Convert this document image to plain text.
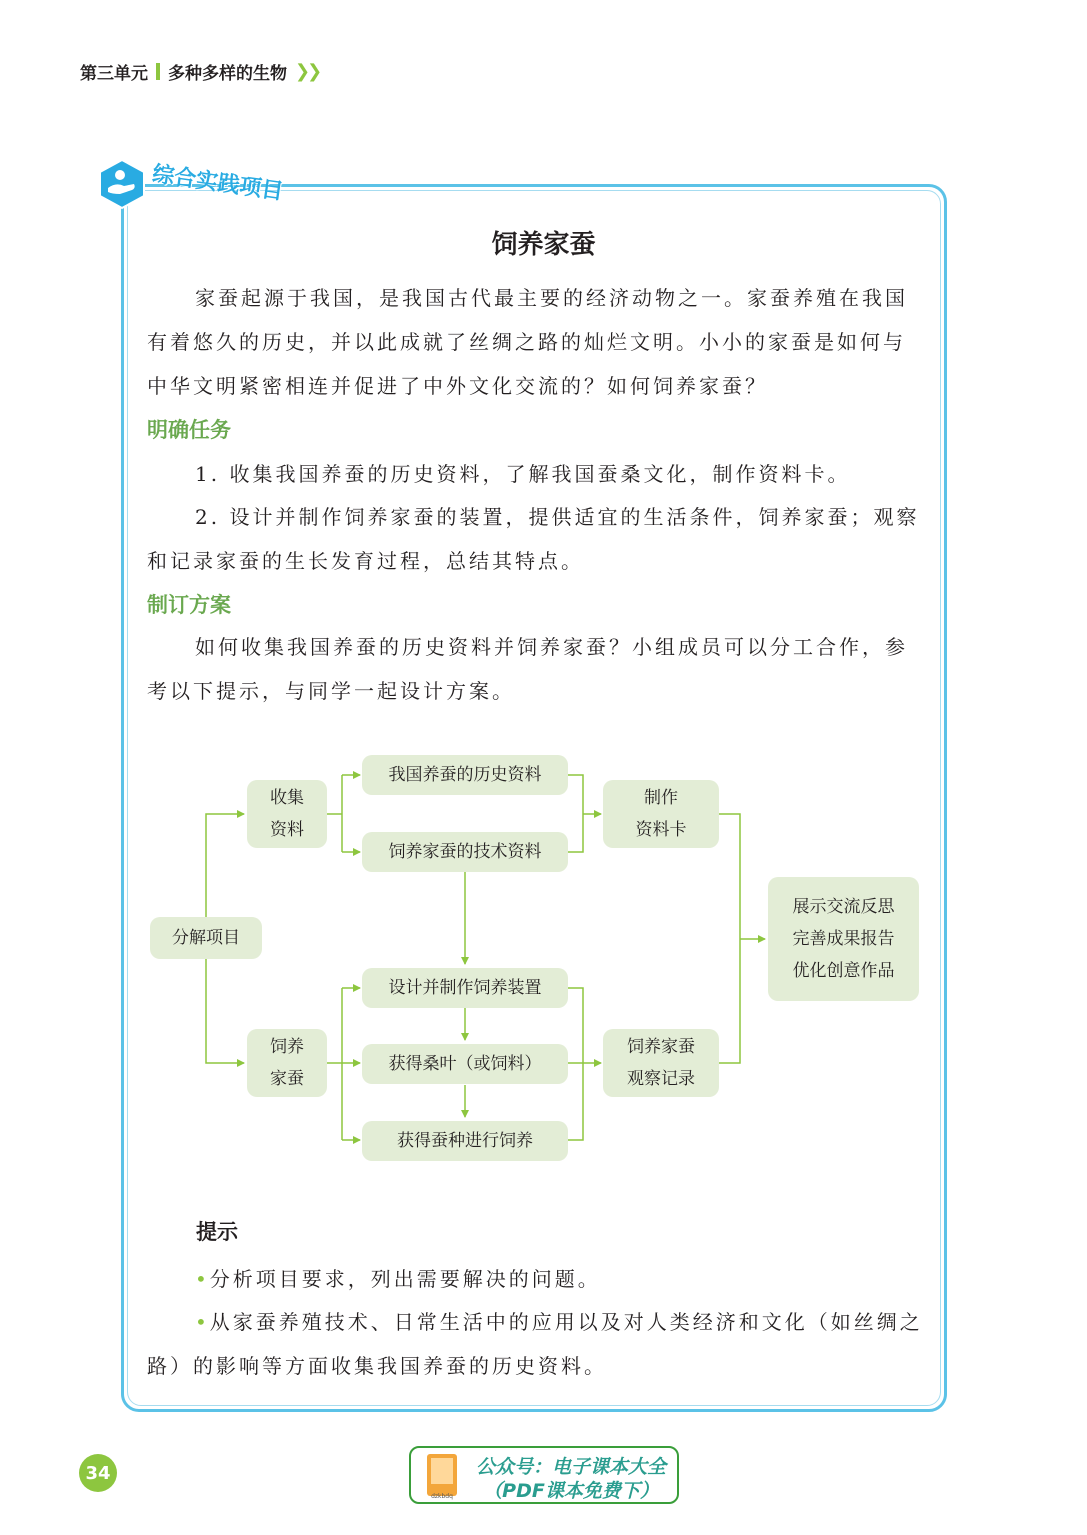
第三单元 多种多样的生物 ❯❯
综合实践项目
饲养家蚕
家蚕起源于我国，是我国古代最主要的经济动物之一。家蚕养殖在我国有着悠久的历史，并以此成就了丝绸之路的灿烂文明。小小的家蚕是如何与中华文明紧密相连并促进了中外文化交流的？如何饲养家蚕？
明确任务
1. 收集我国养蚕的历史资料，了解我国蚕桑文化，制作资料卡。
2. 设计并制作饲养家蚕的装置，提供适宜的生活条件，饲养家蚕；观察和记录家蚕的生长发育过程，总结其特点。
制订方案
如何收集我国养蚕的历史资料并饲养家蚕？小组成员可以分工合作，参考以下提示，与同学一起设计方案。
分解项目
收集
资料
我国养蚕的历史资料
饲养家蚕的技术资料
制作
资料卡
饲养
家蚕
设计并制作饲养装置
获得桑叶（或饲料）
获得蚕种进行饲养
饲养家蚕
观察记录
展示交流反思
完善成果报告
优化创意作品
提示
•分析项目要求，列出需要解决的问题。
•从家蚕养殖技术、日常生活中的应用以及对人类经济和文化（如丝绸之路）的影响等方面收集我国养蚕的历史资料。
34
dzkbdq
公众号：电子课本大全
（PDF课本免费下）
